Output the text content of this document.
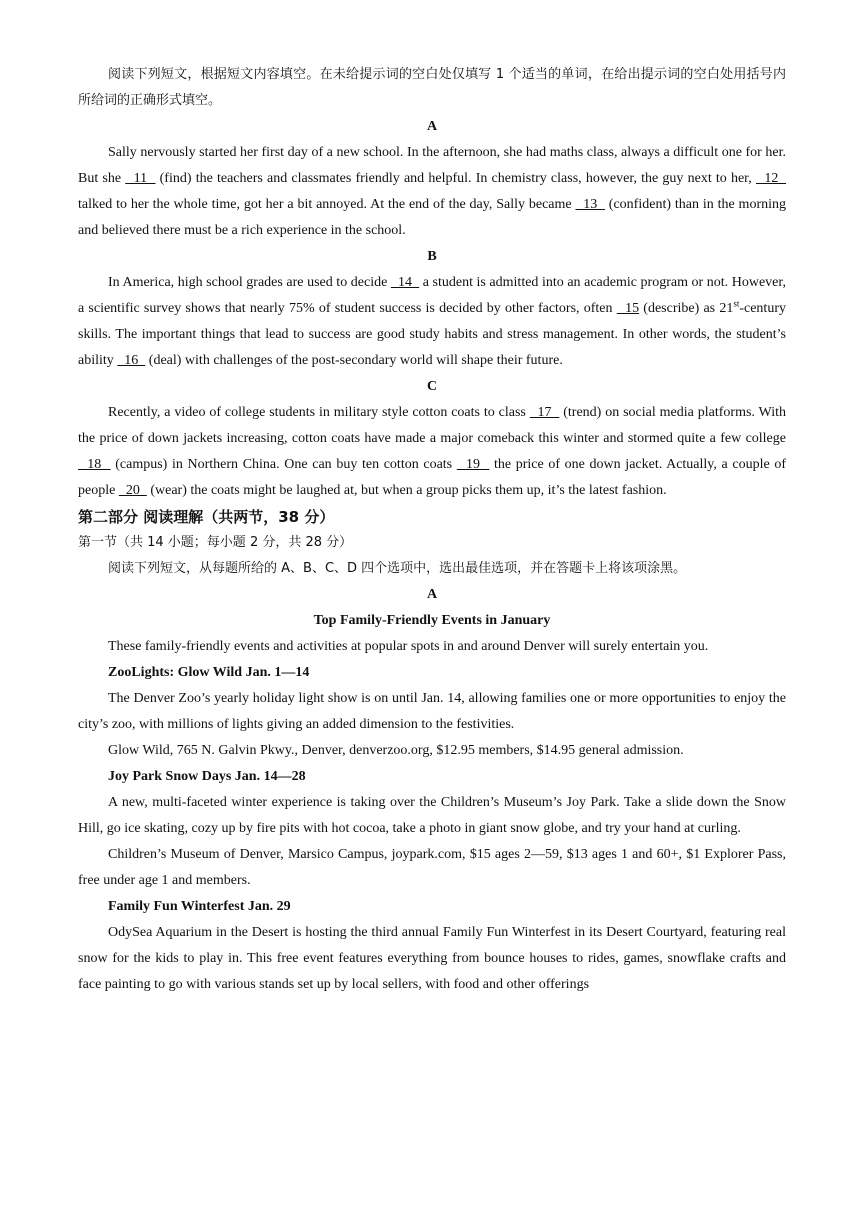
阅读下列短文，根据短文内容填空。在未给提示词的空白处仅填写 1 个适当的单词，在给出提示词的空白处用括号内所给词的正确形式填空。

A

Sally nervously started her first day of a new school. In the afternoon, she had maths class, always a difficult one for her. But she   11   (find) the teachers and classmates friendly and helpful. In chemistry class, however, the guy next to her,   12   talked to her the whole time, got her a bit annoyed. At the end of the day, Sally became   13   (confident) than in the morning and believed there must be a rich experience in the school.

B

In America, high school grades are used to decide   14   a student is admitted into an academic program or not. However, a scientific survey shows that nearly 75% of student success is decided by other factors, often   15 (describe) as 21st-century skills. The important things that lead to success are good study habits and stress management. In other words, the student’s ability   16   (deal) with challenges of the post-secondary world will shape their future.

C

Recently, a video of college students in military style cotton coats to class   17   (trend) on social media platforms. With the price of down jackets increasing, cotton coats have made a major comeback this winter and stormed quite a few college   18   (campus) in Northern China. One can buy ten cotton coats   19   the price of one down jacket. Actually, a couple of people   20   (wear) the coats might be laughed at, but when a group picks them up, it’s the latest fashion.

第二部分 阅读理解（共两节，38 分）

第一节（共 14 小题；每小题 2 分，共 28 分）

阅读下列短文，从每题所给的 A、B、C、D 四个选项中，选出最佳选项，并在答题卡上将该项涂黑。

A

Top Family-Friendly Events in January

These family-friendly events and activities at popular spots in and around Denver will surely entertain you.

ZooLights: Glow Wild Jan. 1—14

The Denver Zoo’s yearly holiday light show is on until Jan. 14, allowing families one or more opportunities to enjoy the city’s zoo, with millions of lights giving an added dimension to the festivities.

Glow Wild, 765 N. Galvin Pkwy., Denver, denverzoo.org, $12.95 members, $14.95 general admission.

Joy Park Snow Days Jan. 14—28

A new, multi-faceted winter experience is taking over the Children’s Museum’s Joy Park. Take a slide down the Snow Hill, go ice skating, cozy up by fire pits with hot cocoa, take a photo in giant snow globe, and try your hand at curling.

Children’s Museum of Denver, Marsico Campus, joypark.com, $15 ages 2—59, $13 ages 1 and 60+, $1 Explorer Pass, free under age 1 and members.

Family Fun Winterfest Jan. 29

OdySea Aquarium in the Desert is hosting the third annual Family Fun Winterfest in its Desert Courtyard, featuring real snow for the kids to play in. This free event features everything from bounce houses to rides, games, snowflake crafts and face painting to go with various stands set up by local sellers, with food and other offerings
